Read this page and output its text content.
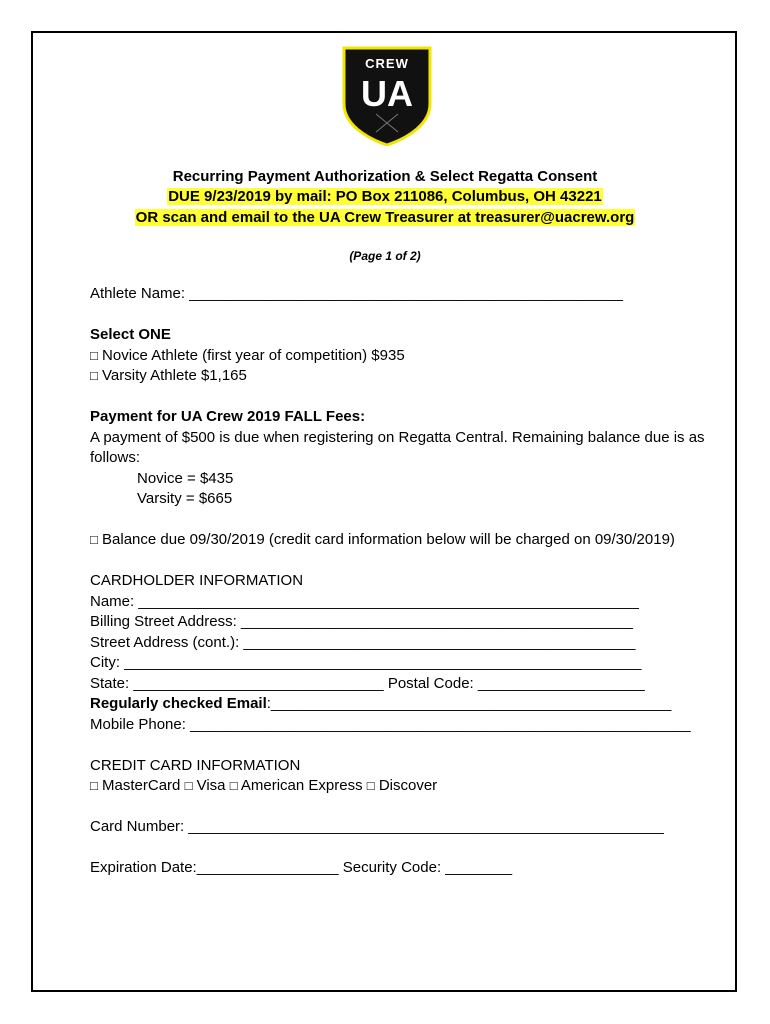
CREW
UA
Recurring Payment Authorization & Select Regatta Consent
DUE 9/23/2019 by mail: PO Box 211086, Columbus, OH 43221
OR scan and email to the UA Crew Treasurer at treasurer@uacrew.org
(Page 1 of 2)
Athlete Name: ____________________________________________________
Select ONE
□ Novice Athlete (first year of competition) $935
□ Varsity Athlete $1,165
Payment for UA Crew 2019 FALL Fees:
A payment of $500 is due when registering on Regatta Central. Remaining balance due is as
follows:
Novice = $435
Varsity = $665
□ Balance due 09/30/2019 (credit card information below will be charged on 09/30/2019)
CARDHOLDER INFORMATION
Name: ____________________________________________________________
Billing Street Address: _______________________________________________
Street Address (cont.): _______________________________________________
City: ______________________________________________________________
State: ______________________________ Postal Code: ____________________
Regularly checked Email:________________________________________________
Mobile Phone: ____________________________________________________________
CREDIT CARD INFORMATION
□ MasterCard □ Visa □ American Express □ Discover
Card Number: _________________________________________________________
Expiration Date:_________________ Security Code: ________
